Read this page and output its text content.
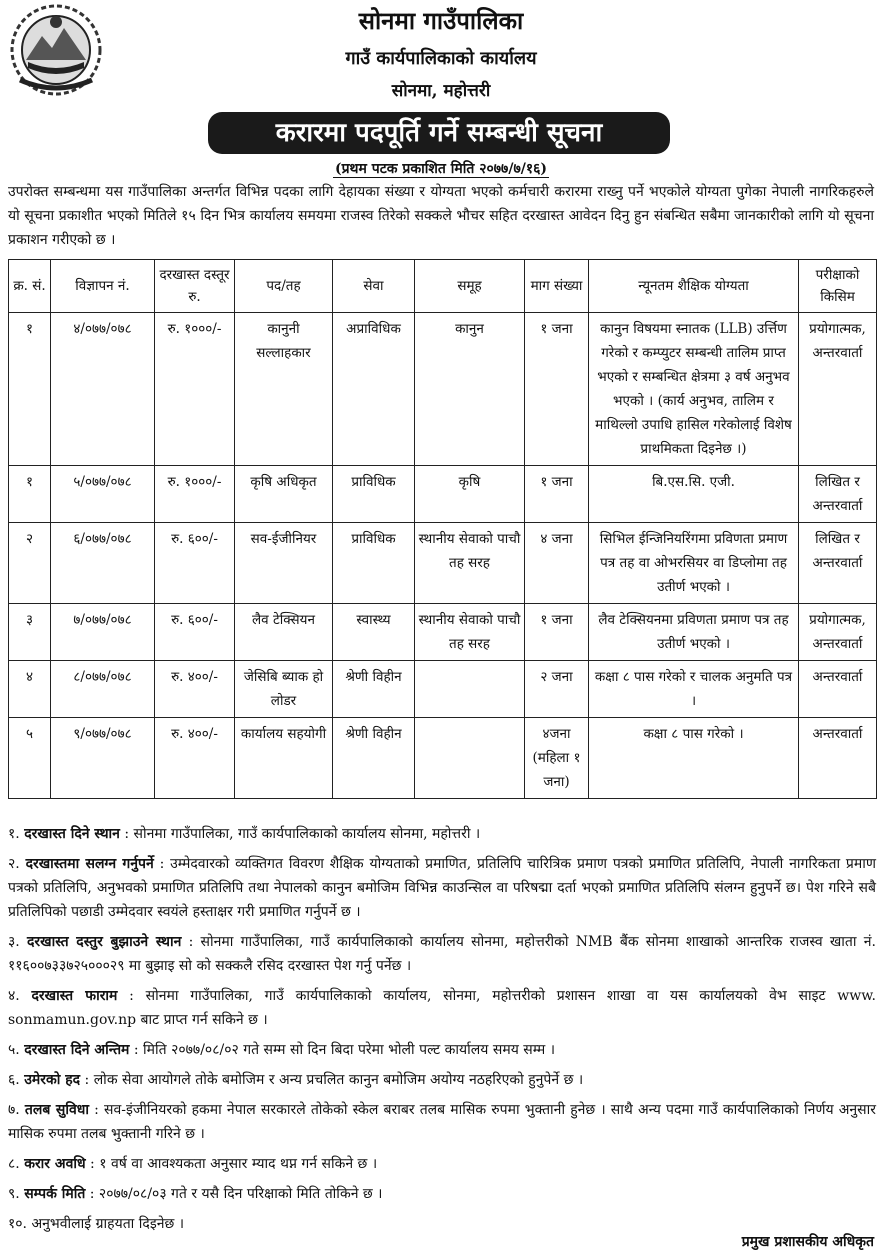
सोनमा गाउँपालिका
गाउँ कार्यपालिकाको कार्यालय
सोनमा, महोत्तरी
करारमा पदपूर्ति गर्ने सम्बन्धी सूचना
(प्रथम पटक प्रकाशित मिति २०७७/७/१६)

उपरोक्त सम्बन्धमा यस गाउँपालिका अन्तर्गत विभिन्न पदका लागि देहायका संख्या र योग्यता भएको कर्मचारी करारमा राख्नु पर्ने भएकोले योग्यता पुगेका नेपाली नागरिकहरुले यो सूचना प्रकाशीत भएको मितिले १५ दिन भित्र कार्यालय समयमा राजस्व तिरेको सक्कले भौचर सहित दरखास्त आवेदन दिनु हुन संबन्धित सबैमा जानकारीको लागि यो सूचना प्रकाशन गरीएको छ ।

क्र. सं.	विज्ञापन नं.	दरखास्त दस्तूर रु.	पद/तह	सेवा	समूह	माग संख्या	न्यूनतम शैक्षिक योग्यता	परीक्षाको किसिम
१	४/०७७/०७८	रु. १०००/-	कानुनी सल्लाहकार	अप्राविधिक	कानुन	१ जना	कानुन विषयमा स्नातक (LLB) उर्त्तिण गरेको र कम्प्युटर सम्बन्धी तालिम प्राप्त भएको र सम्बन्धित क्षेत्रमा ३ वर्ष अनुभव भएको । (कार्य अनुभव, तालिम र माथिल्लो उपाधि हासिल गरेकोलाई विशेष प्राथमिकता दिइनेछ ।)	प्रयोगात्मक, अन्तरवार्ता
१	५/०७७/०७८	रु. १०००/-	कृषि अधिकृत	प्राविधिक	कृषि	१ जना	बि.एस.सि. एजी.	लिखित र अन्तरवार्ता
२	६/०७७/०७८	रु. ६००/-	सव-ईजीनियर	प्राविधिक	स्थानीय सेवाको पाचौ तह सरह	४ जना	सिभिल ईन्जिनियरिंगमा प्रविणता प्रमाण पत्र तह वा ओभरसियर वा डिप्लोमा तह उतीर्ण भएको ।	लिखित र अन्तरवार्ता
३	७/०७७/०७८	रु. ६००/-	लैव टेक्सियन	स्वास्थ्य	स्थानीय सेवाको पाचौ तह सरह	१ जना	लैव टेक्सियनमा प्रविणता प्रमाण पत्र तह उतीर्ण भएको ।	प्रयोगात्मक, अन्तरवार्ता
४	८/०७७/०७८	रु. ४००/-	जेसिबि ब्याक हो लोडर	श्रेणी विहीन		२ जना	कक्षा ८ पास गरेको र चालक अनुमति पत्र ।	अन्तरवार्ता
५	९/०७७/०७८	रु. ४००/-	कार्यालय सहयोगी	श्रेणी विहीन		४जना (महिला १ जना)	कक्षा ८ पास गरेको ।	अन्तरवार्ता
१. दरखास्त दिने स्थान : सोनमा गाउँपालिका, गाउँ कार्यपालिकाको कार्यालय सोनमा, महोत्तरी ।
२. दरखास्तमा सलग्न गर्नुपर्ने : उम्मेदवारको व्यक्तिगत विवरण शैक्षिक योग्यताको प्रमाणित, प्रतिलिपि चारित्रिक प्रमाण पत्रको प्रमाणित प्रतिलिपि, नेपाली नागरिकता प्रमाण पत्रको प्रतिलिपि, अनुभवको प्रमाणित प्रतिलिपि तथा नेपालको कानुन बमोजिम विभिन्न काउन्सिल वा परिषद्मा दर्ता भएको प्रमाणित प्रतिलिपि संलग्न हुनुपर्ने छ। पेश गरिने सबै प्रतिलिपिको पछाडी उम्मेदवार स्वयंले हस्ताक्षर गरी प्रमाणित गर्नुपर्ने छ ।
३. दरखास्त दस्तुर बुझाउने स्थान : सोनमा गाउँपालिका, गाउँ कार्यपालिकाको कार्यालय सोनमा, महोत्तरीको NMB बैंक सोनमा शाखाको आन्तरिक राजस्व खाता नं. ११६००७३३७२५०००२९ मा बुझाइ सो को सक्कलै रसिद दरखास्त पेश गर्नु पर्नेछ ।
४. दरखास्त फाराम : सोनमा गाउँपालिका, गाउँ कार्यपालिकाको कार्यालय, सोनमा, महोत्तरीको प्रशासन शाखा वा यस कार्यालयको वेभ साइट www. sonmamun.gov.np बाट प्राप्त गर्न सकिने छ ।
५. दरखास्त दिने अन्तिम : मिति २०७७/०८/०२ गते सम्म सो दिन बिदा परेमा भोली पल्ट कार्यालय समय सम्म ।
६. उमेरको हद : लोक सेवा आयोगले तोके बमोजिम र अन्य प्रचलित कानुन बमोजिम अयोग्य नठहरिएको हुनुपेर्ने छ ।
७. तलब सुविधा : सव-इंजीनियरको हकमा नेपाल सरकारले तोकेको स्केल बराबर तलब मासिक रुपमा भुक्तानी हुनेछ । साथै अन्य पदमा गाउँ कार्यपालिकाको निर्णय अनुसार मासिक रुपमा तलब भुक्तानी गरिने छ ।
८. करार अवधि : १ वर्ष वा आवश्यकता अनुसार म्याद थप्न गर्न सकिने छ ।
९. सम्पर्क मिति : २०७७/०८/०३ गते र यसै दिन परिक्षाको मिति तोकिने छ ।
१०. अनुभवीलाई ग्राहयता दिइनेछ ।
प्रमुख प्रशासकीय अधिकृत
